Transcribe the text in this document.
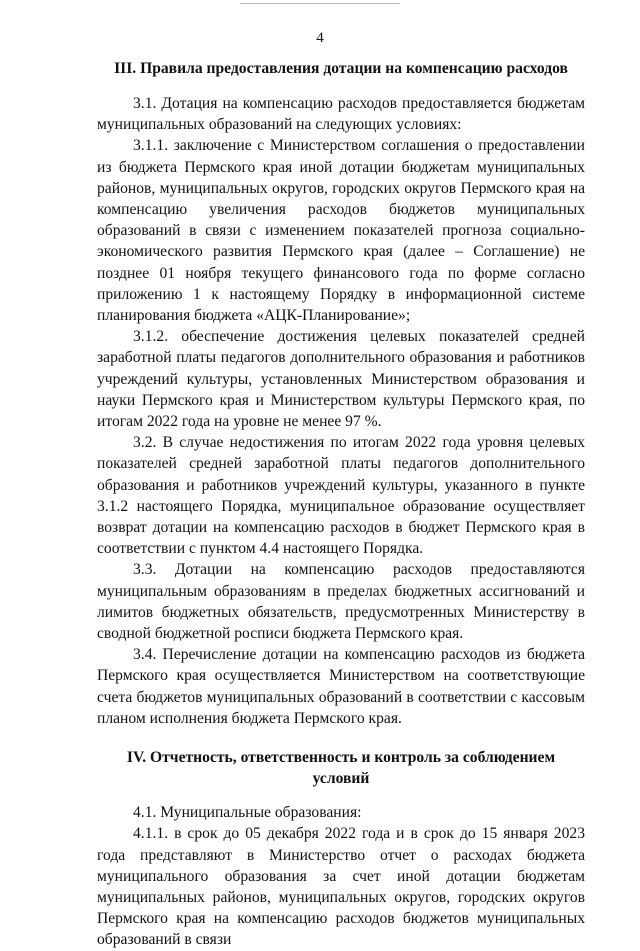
4
III. Правила предоставления дотации на компенсацию расходов

3.1. Дотация на компенсацию расходов предоставляется бюджетам муниципальных образований на следующих условиях:

3.1.1. заключение с Министерством соглашения о предоставлении из бюджета Пермского края иной дотации бюджетам муниципальных районов, муниципальных округов, городских округов Пермского края на компенсацию увеличения расходов бюджетов муниципальных образований в связи с изменением показателей прогноза социально-экономического развития Пермского края (далее – Соглашение) не позднее 01 ноября текущего финансового года по форме согласно приложению 1 к настоящему Порядку в информационной системе планирования бюджета «АЦК-Планирование»;

3.1.2. обеспечение достижения целевых показателей средней заработной платы педагогов дополнительного образования и работников учреждений культуры, установленных Министерством образования и науки Пермского края и Министерством культуры Пермского края, по итогам 2022 года на уровне не менее 97 %.

3.2. В случае недостижения по итогам 2022 года уровня целевых показателей средней заработной платы педагогов дополнительного образования и работников учреждений культуры, указанного в пункте 3.1.2 настоящего Порядка, муниципальное образование осуществляет возврат дотации на компенсацию расходов в бюджет Пермского края в соответствии с пунктом 4.4 настоящего Порядка.

3.3. Дотации на компенсацию расходов предоставляются муниципальным образованиям в пределах бюджетных ассигнований и лимитов бюджетных обязательств, предусмотренных Министерству в сводной бюджетной росписи бюджета Пермского края.

3.4. Перечисление дотации на компенсацию расходов из бюджета Пермского края осуществляется Министерством на соответствующие счета бюджетов муниципальных образований в соответствии с кассовым планом исполнения бюджета Пермского края.

IV. Отчетность, ответственность и контроль за соблюдением условий

4.1. Муниципальные образования:

4.1.1. в срок до 05 декабря 2022 года и в срок до 15 января 2023 года представляют в Министерство отчет о расходах бюджета муниципального образования за счет иной дотации бюджетам муниципальных районов, муниципальных округов, городских округов Пермского края на компенсацию расходов бюджетов муниципальных образований в связи
